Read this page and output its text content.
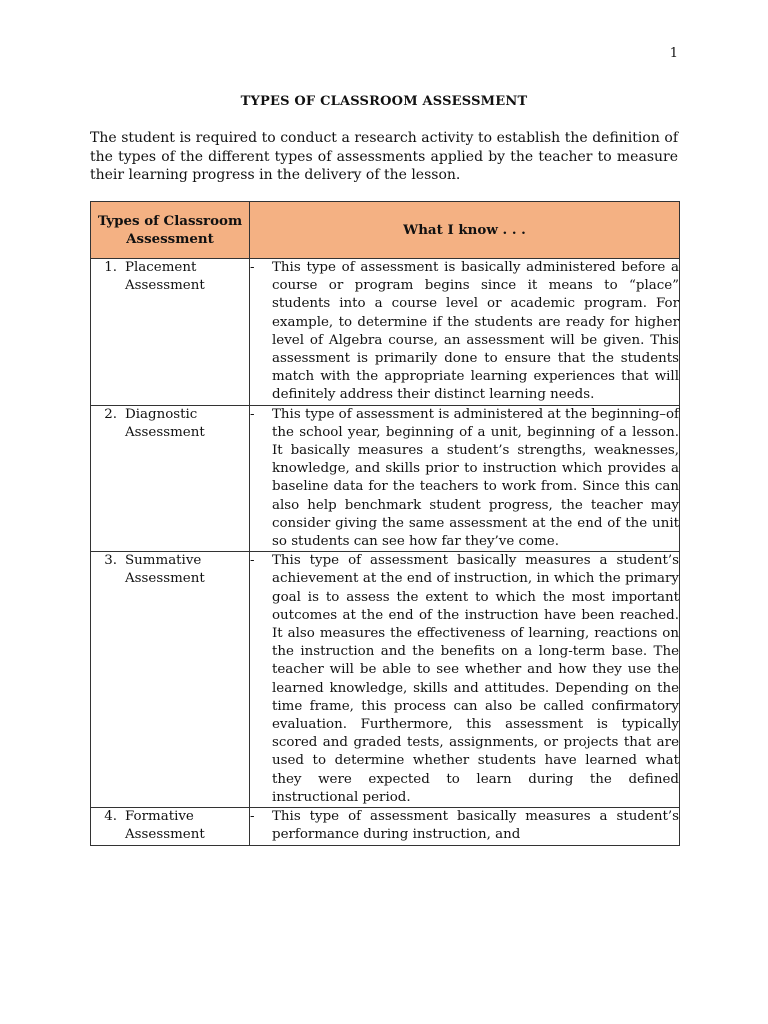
1
TYPES OF CLASSROOM ASSESSMENT
The student is required to conduct a research activity to establish the definition of the types of the different types of assessments applied by the teacher to measure their learning progress in the delivery of the lesson.
Types of Classroom Assessment	What I know . . .

1. Placement Assessment	- This type of assessment is basically administered before a course or program begins since it means to “place” students into a course level or academic program. For example, to determine if the students are ready for higher level of Algebra course, an assessment will be given. This assessment is primarily done to ensure that the students match with the appropriate learning experiences that will definitely address their distinct learning needs.

2. Diagnostic Assessment	- This type of assessment is administered at the beginning–of the school year, beginning of a unit, beginning of a lesson. It basically measures a student’s strengths, weaknesses, knowledge, and skills prior to instruction which provides a baseline data for the teachers to work from. Since this can also help benchmark student progress, the teacher may consider giving the same assessment at the end of the unit so students can see how far they’ve come.

3. Summative Assessment	- This type of assessment basically measures a student’s achievement at the end of instruction, in which the primary goal is to assess the extent to which the most important outcomes at the end of the instruction have been reached. It also measures the effectiveness of learning, reactions on the instruction and the benefits on a long-term base. The teacher will be able to see whether and how they use the learned knowledge, skills and attitudes. Depending on the time frame, this process can also be called confirmatory evaluation. Furthermore, this assessment is typically scored and graded tests, assignments, or projects that are used to determine whether students have learned what they were expected to learn during the defined instructional period.

4. Formative Assessment	- This type of assessment basically measures a student’s performance during instruction, and
